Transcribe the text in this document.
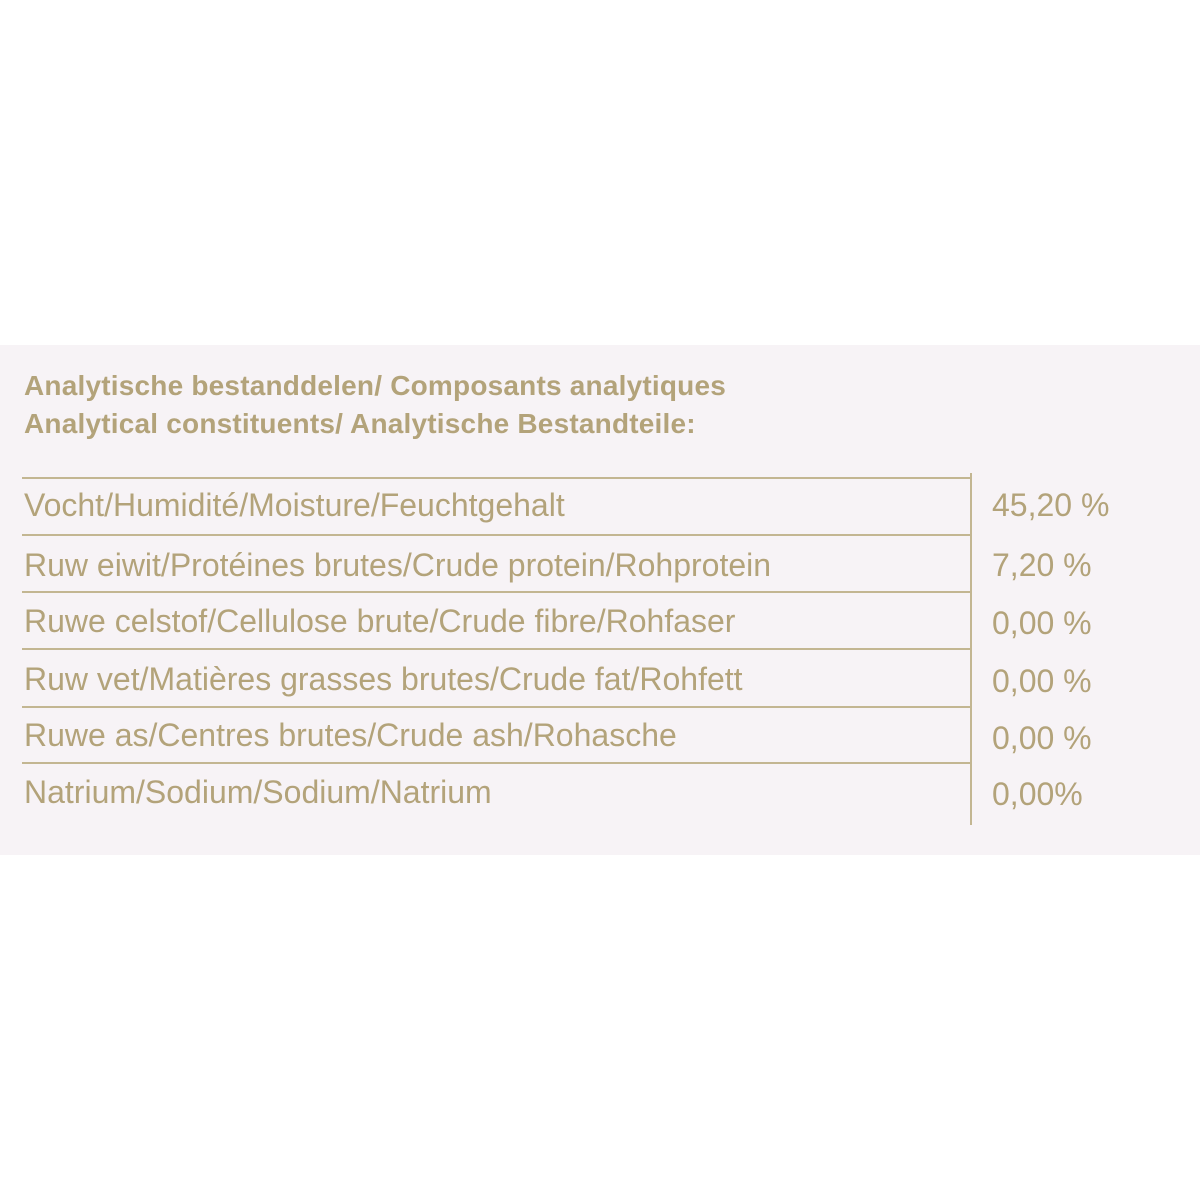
Analytische bestanddelen/ Composants analytiques
Analytical constituents/ Analytische Bestandteile:
Vocht/Humidité/Moisture/Feuchtgehalt	45,20 %
Ruw eiwit/Protéines brutes/Crude protein/Rohprotein	7,20 %
Ruwe celstof/Cellulose brute/Crude fibre/Rohfaser	0,00 %
Ruw vet/Matières grasses brutes/Crude fat/Rohfett	0,00 %
Ruwe as/Centres brutes/Crude ash/Rohasche	0,00 %
Natrium/Sodium/Sodium/Natrium	0,00%
